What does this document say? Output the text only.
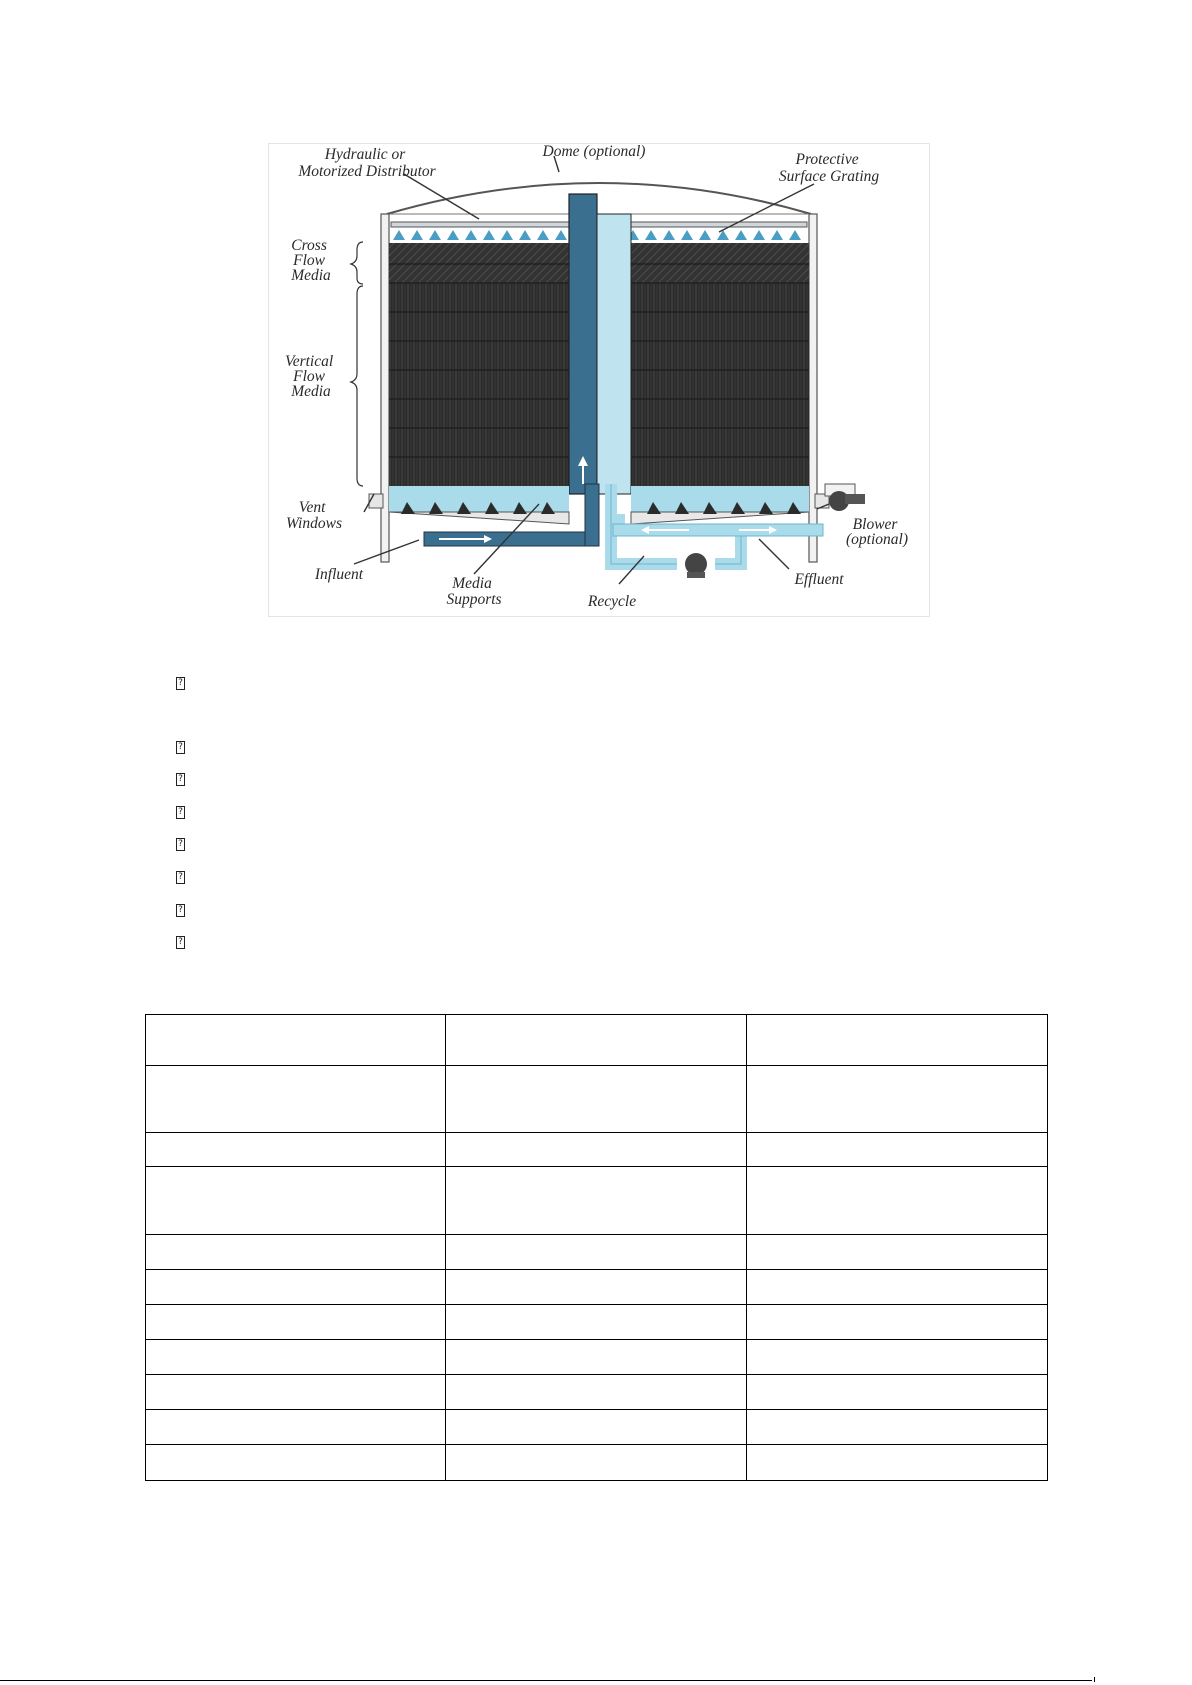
Hydraulic or Motorized Distributor
Dome (optional)	Protective Surface Grating
Cross Flow Media
Vertical Flow Media
Vent Windows	Blower (optional)
Influent
Media Supports	Recycle
Effluent
?
?
?
?
?
?
?
?
